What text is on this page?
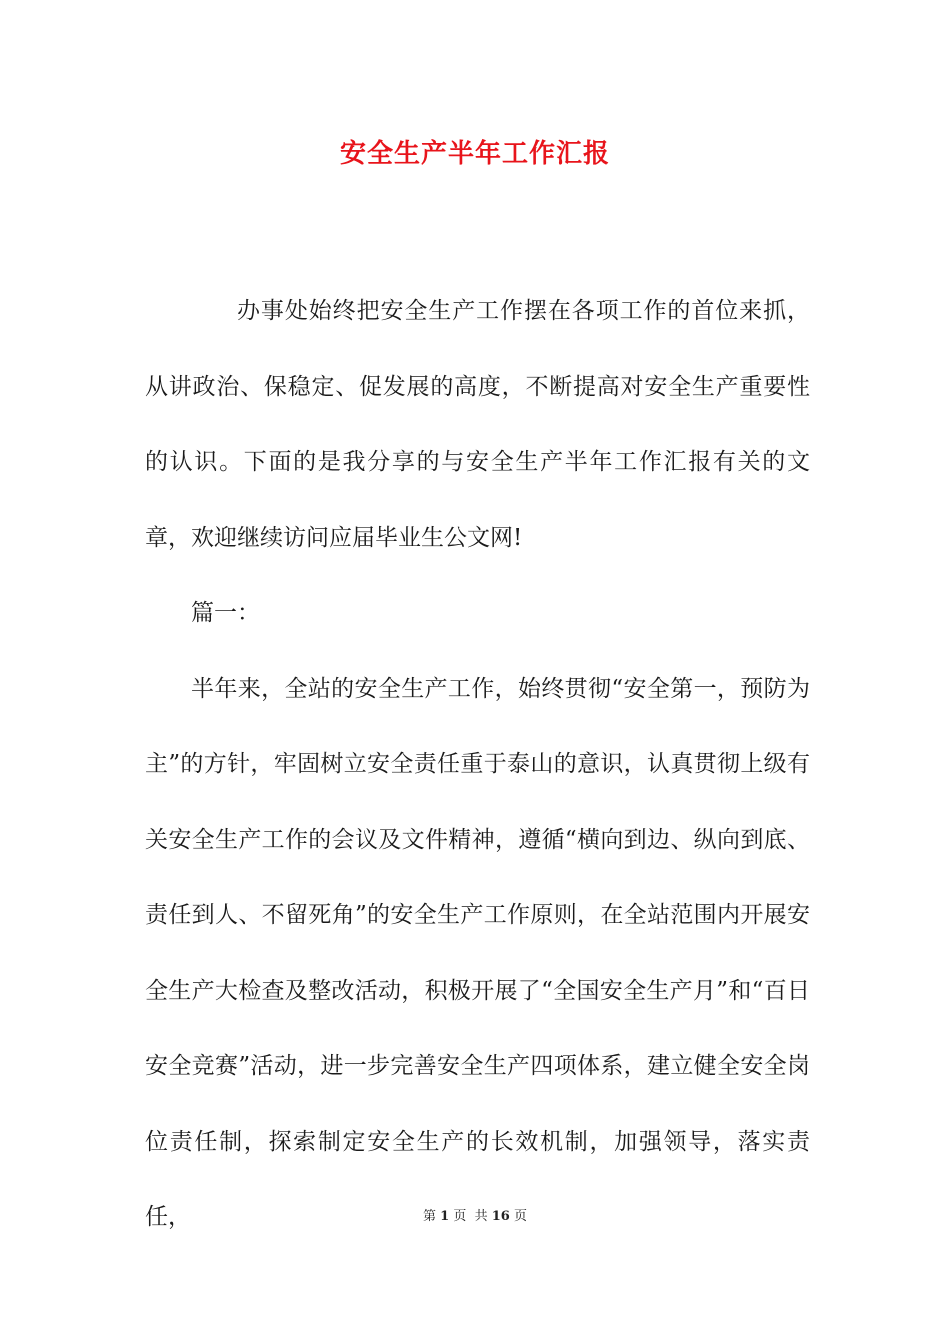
安全生产半年工作汇报

办事处始终把安全生产工作摆在各项工作的首位来抓，从讲政治、保稳定、促发展的高度，不断提高对安全生产重要性的认识。下面的是我分享的与安全生产半年工作汇报有关的文章，欢迎继续访问应届毕业生公文网!

篇一：

半年来，全站的安全生产工作，始终贯彻“安全第一，预防为主”的方针，牢固树立安全责任重于泰山的意识，认真贯彻上级有关安全生产工作的会议及文件精神，遵循“横向到边、纵向到底、责任到人、不留死角”的安全生产工作原则，在全站范围内开展安全生产大检查及整改活动，积极开展了“全国安全生产月”和“百日安全竞赛”活动，进一步完善安全生产四项体系，建立健全安全岗位责任制，探索制定安全生产的长效机制，加强领导，落实责任，	第 1 页  共 16 页
